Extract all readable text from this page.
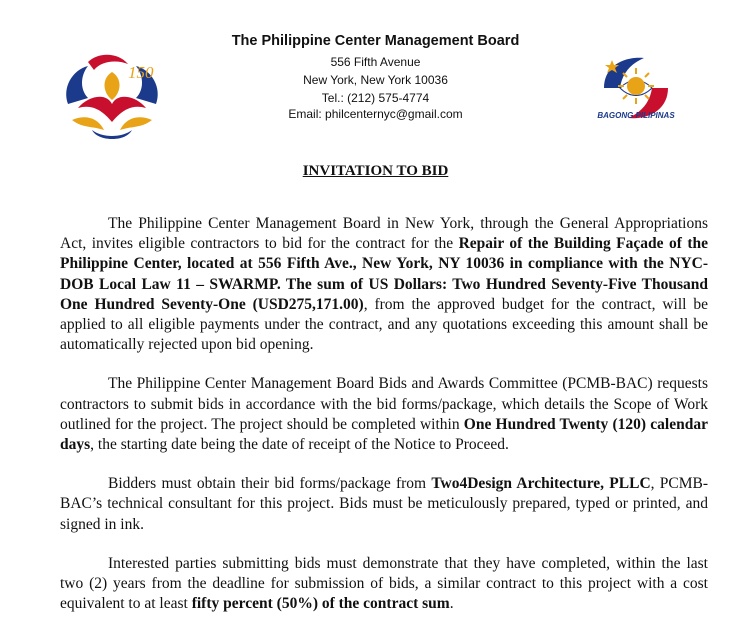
150
The Philippine Center Management Board
556 Fifth Avenue
New York, New York 10036
Tel.: (212) 575-4774
Email: philcenternyc@gmail.com	BAGONG PILIPINAS
INVITATION TO BID

The Philippine Center Management Board in New York, through the General Appropriations Act, invites eligible contractors to bid for the contract for the Repair of the Building Façade of the Philippine Center, located at 556 Fifth Ave., New York, NY 10036 in compliance with the NYC-DOB Local Law 11 – SWARMP. The sum of US Dollars: Two Hundred Seventy-Five Thousand One Hundred Seventy-One (USD275,171.00), from the approved budget for the contract, will be applied to all eligible payments under the contract, and any quotations exceeding this amount shall be automatically rejected upon bid opening.

The Philippine Center Management Board Bids and Awards Committee (PCMB-BAC) requests contractors to submit bids in accordance with the bid forms/package, which details the Scope of Work outlined for the project. The project should be completed within One Hundred Twenty (120) calendar days, the starting date being the date of receipt of the Notice to Proceed.

Bidders must obtain their bid forms/package from Two4Design Architecture, PLLC, PCMB-BAC’s technical consultant for this project. Bids must be meticulously prepared, typed or printed, and signed in ink.

Interested parties submitting bids must demonstrate that they have completed, within the last two (2) years from the deadline for submission of bids, a similar contract to this project with a cost equivalent to at least fifty percent (50%) of the contract sum.
